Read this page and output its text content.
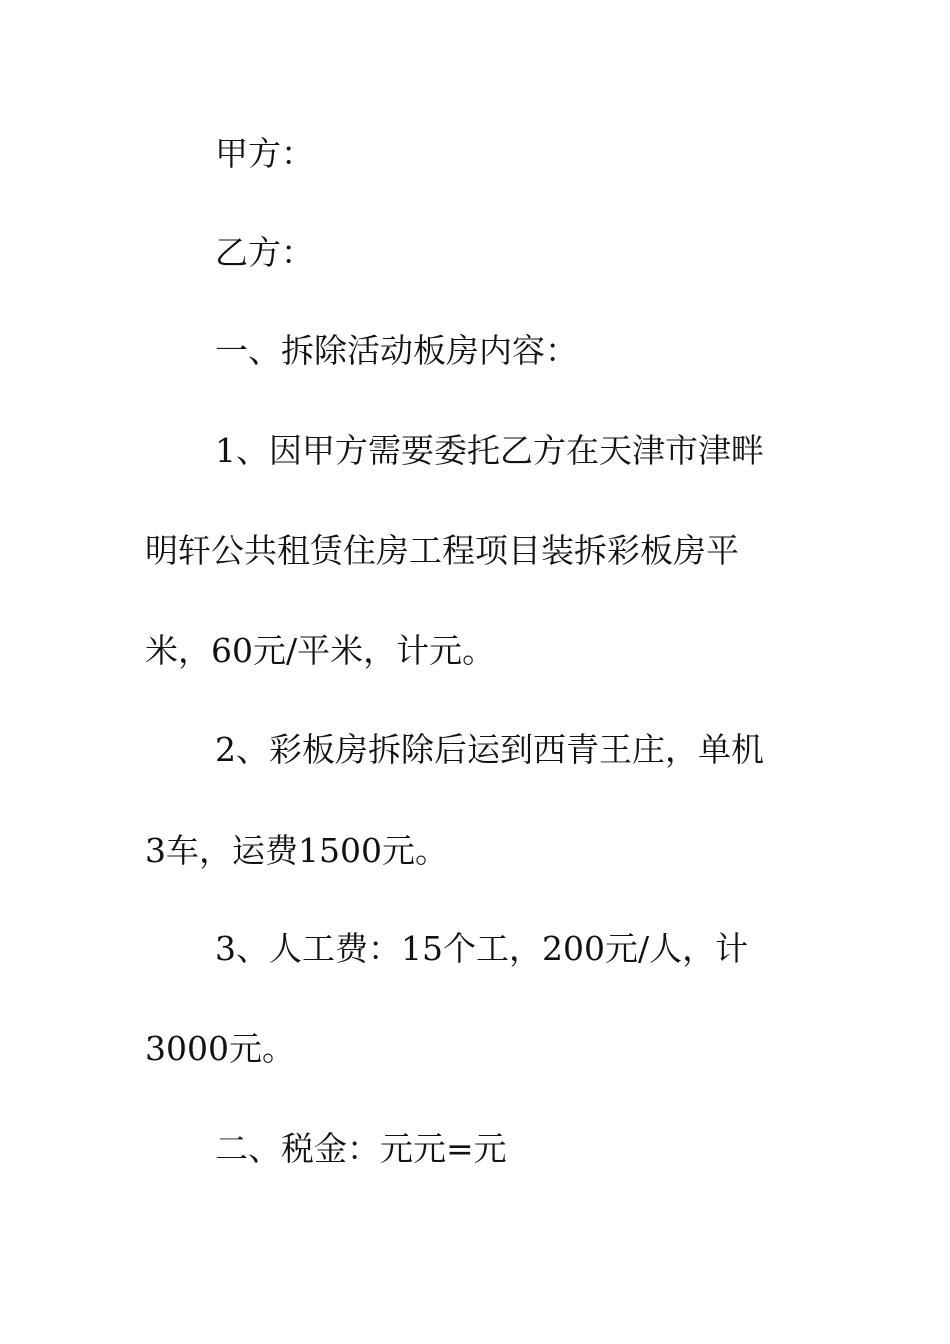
甲方：
乙方：
一、拆除活动板房内容：
1、因甲方需要委托乙方在天津市津畔
明轩公共租赁住房工程项目装拆彩板房平
米，60元/平米，计元。
2、彩板房拆除后运到西青王庄，单机
3车，运费1500元。
3、人工费：15个工，200元/人，计
3000元。
二、税金：元元=元
